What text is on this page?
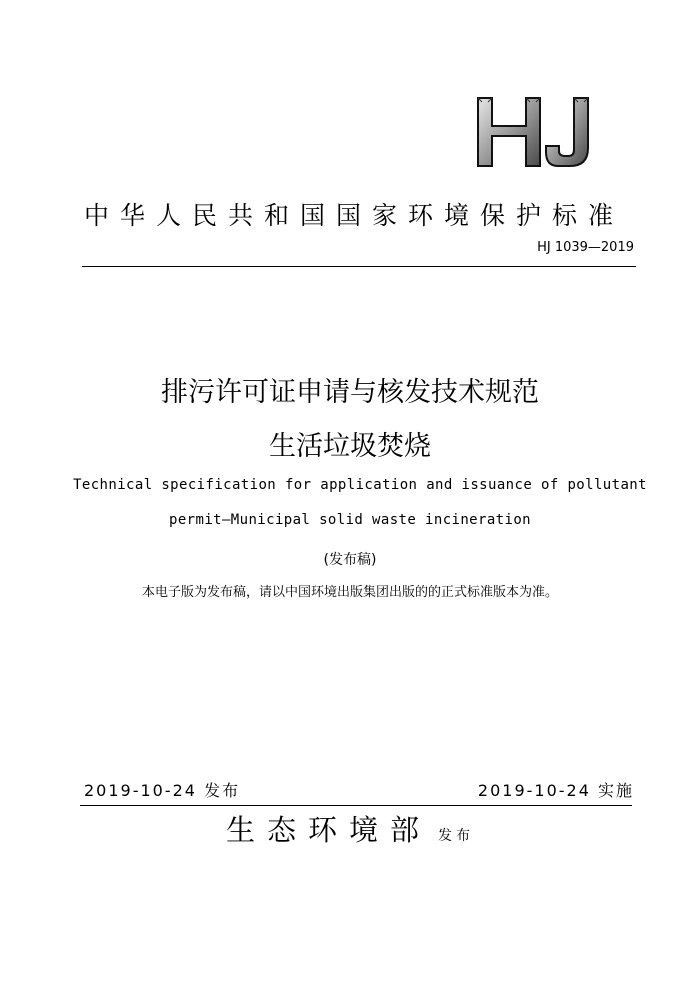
中华人民共和国国家环境保护标准
HJ 1039—2019
排污许可证申请与核发技术规范
生活垃圾焚烧
Technical specification for application and issuance of pollutant
permit—Municipal solid waste incineration
(发布稿)
本电子版为发布稿，请以中国环境出版集团出版的的正式标准版本为准。
2019-10-24 发布	2019-10-24 实施
生态环境部 发布
